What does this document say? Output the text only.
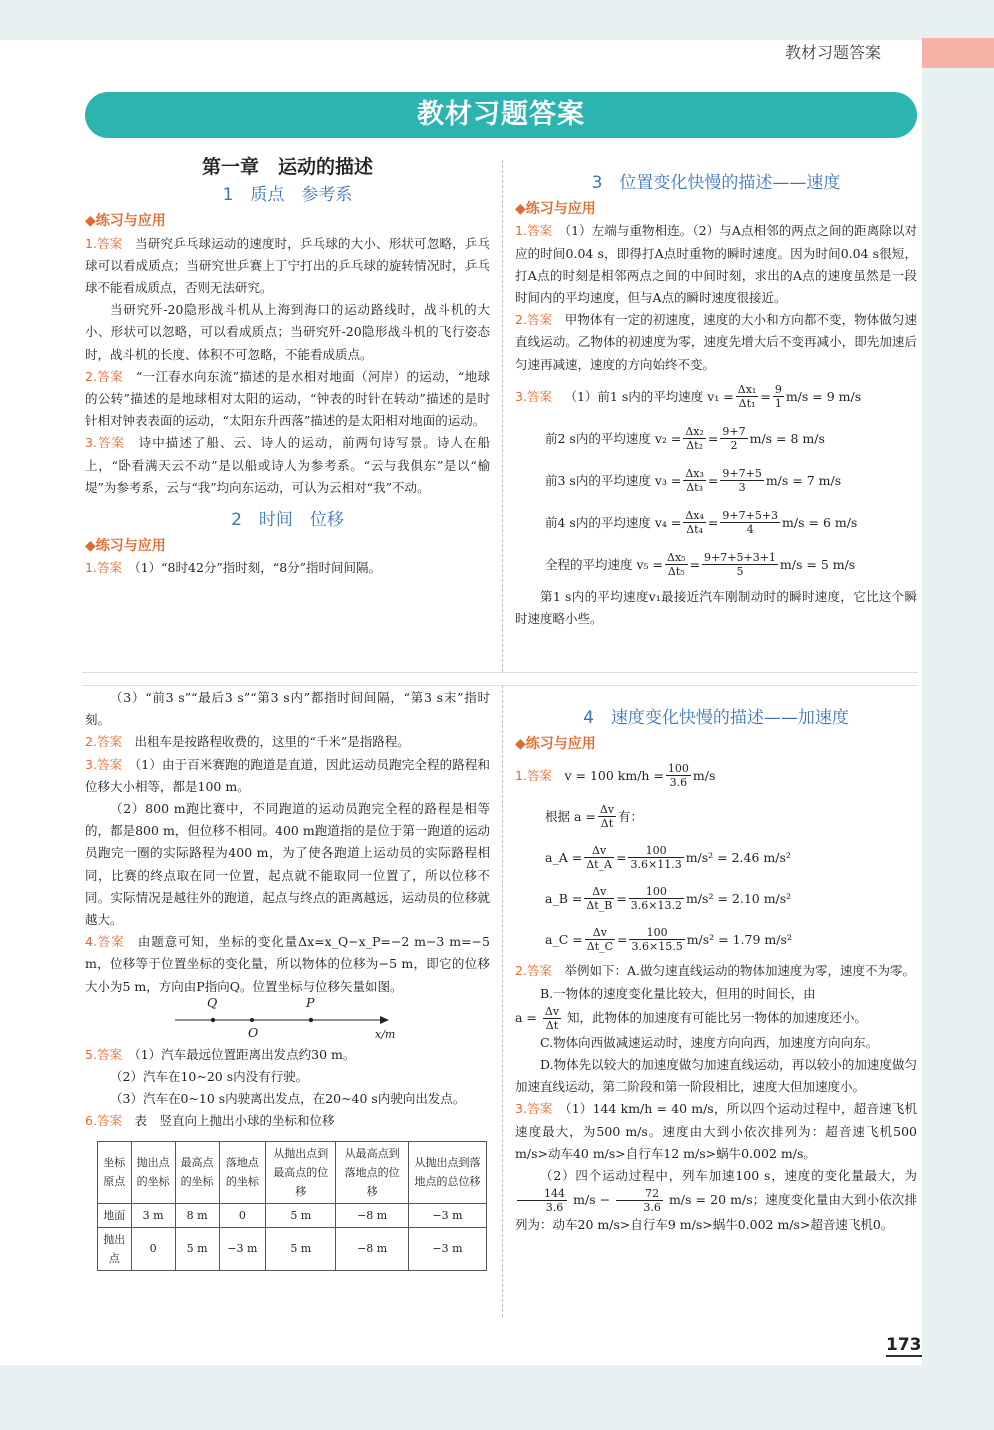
教材习题答案
教材习题答案
第一章　运动的描述
1　质点　参考系
◆练习与应用

1.答案　 当研究乒乓球运动的速度时，乒乓球的大小、形状可忽略，乒乓球可以看成质点；当研究世乒赛上丁宁打出的乒乓球的旋转情况时，乒乓球不能看成质点，否则无法研究。

当研究歼-20隐形战斗机从上海到海口的运动路线时，战斗机的大小、形状可以忽略，可以看成质点；当研究歼-20隐形战斗机的飞行姿态时，战斗机的长度、体积不可忽略，不能看成质点。

2.答案　 “一江春水向东流”描述的是水相对地面（河岸）的运动，“地球的公转”描述的是地球相对太阳的运动，“钟表的时针在转动”描述的是时针相对钟表表面的运动，“太阳东升西落”描述的是太阳相对地面的运动。

3.答案　 诗中描述了船、云、诗人的运动，前两句诗写景。诗人在船上，“卧看满天云不动”是以船或诗人为参考系。“云与我俱东”是以“榆堤”为参考系，云与“我”均向东运动，可认为云相对“我”不动。

2　时间　位移
◆练习与应用

1.答案　 （1）“8时42分”指时刻，“8分”指时间间隔。

3　位置变化快慢的描述——速度
◆练习与应用

1.答案　 （1）左端与重物相连。（2）与A点相邻的两点之间的距离除以对应的时间0.04 s，即得打A点时重物的瞬时速度。因为时间0.04 s很短，打A点的时刻是相邻两点之间的中间时刻，求出的A点的速度虽然是一段时间内的平均速度，但与A点的瞬时速度很接近。

2.答案　 甲物体有一定的初速度，速度的大小和方向都不变，物体做匀速直线运动。乙物体的初速度为零，速度先增大后不变再减小，即先加速后匀速再减速，速度的方向始终不变。

3. 答案
　 （1）前1 s内的平均速度 $v_1 = \frac{\text{Δx₁}}{\text{Δt₁}} = \frac{9}{1} m/s = 9$ m/s
前2 s内的平均速度 $v_2 = \frac{\text{Δx₂}}{\text{Δt₂}} = \frac{9+7}{2} m/s = 8$ m/s
前3 s内的平均速度 $v_3 = \frac{\text{Δx₃}}{\text{Δt₃}} = \frac{9+7+5}{3} m/s = 7$ m/s
前4 s内的平均速度 $v_4 = \frac{\text{Δx₄}}{\text{Δt₄}} = \frac{9+7+5+3}{4} m/s = 6$ m/s
全程的平均速度 $v_5 = \frac{\text{Δx₅}}{\text{Δt₅}} = \frac{9+7+5+3+1}{5} m/s = 5$ m/s

第1 s内的平均速度v₁最接近汽车刚制动时的瞬时速度，它比这个瞬时速度略小些。

（3）“前3 s”“最后3 s”“第3 s内”都指时间间隔，“第3 s末”指时刻。

2.答案　 出租车是按路程收费的，这里的“千米”是指路程。

3.答案　 （1）由于百米赛跑的跑道是直道，因此运动员跑完全程的路程和位移大小相等，都是100 m。

（2）800 m跑比赛中，不同跑道的运动员跑完全程的路程是相等的，都是800 m，但位移不相同。400 m跑道指的是位于第一跑道的运动员跑完一圈的实际路程为400 m，为了使各跑道上运动员的实际路程相同，比赛的终点取在同一位置，起点就不能取同一位置了，所以位移不同。实际情况是越往外的跑道，起点与终点的距离越远，运动员的位移就越大。

4.答案　 由题意可知，坐标的变化量Δx=x_Q−x_P=−2 m−3 m=−5 m，位移等于位置坐标的变化量，所以物体的位移为−5 m，即它的位移大小为5 m，方向由P指向Q。位置坐标与位移矢量如图。

Q
O
P
x/m

5.答案　 （1）汽车最远位置距离出发点约30 m。

（2）汽车在10~20 s内没有行驶。

（3）汽车在0~10 s内驶离出发点，在20~40 s内驶向出发点。

6.答案　 表　竖直向上抛出小球的坐标和位移

坐标原点	抛出点的坐标	最高点的坐标	落地点的坐标	从抛出点到最高点的位移	从最高点到落地点的位移	从抛出点到落地点的总位移
地面	3 m	8 m	0	5 m	−8 m	−3 m
抛出点	0	5 m	−3 m	5 m	−8 m	−3 m
4　速度变化快慢的描述——加速度
◆练习与应用
1. 答案
　 v = 100 $km/h = \frac{100}{3.6} m/s$
根据 $a = \frac{\Delta v}{\Delta t}$ 有：
a_A = $\frac{\Delta v}{\Delta t\_A} = \frac{100}{3.6\times 11.3} m/s^2 = 2.46$ m/s²
a_B = $\frac{\Delta v}{\Delta t\_B} = \frac{100}{3.6\times 13.2} m/s^2 = 2.10$ m/s²
a_C = $\frac{\Delta v}{\Delta t\_C} = \frac{100}{3.6\times 15.5} m/s^2 = 1.79$ m/s²

2.答案　 举例如下：A.做匀速直线运动的物体加速度为零，速度不为零。

B.一物体的速度变化量比较大，但用的时间长，由

$a = \frac{\Delta v}{\Delta t}$ 知，此物体的加速度有可能比另一物体的加速度还小。

C.物体向西做减速运动时，速度方向向西，加速度方向向东。

D.物体先以较大的加速度做匀加速直线运动，再以较小的加速度做匀加速直线运动，第二阶段和第一阶段相比，速度大但加速度小。

3.答案　 （1）144 km/h = 40 m/s，所以四个运动过程中，超音速飞机速度最大，为500 m/s。速度由大到小依次排列为：超音速飞机500 m/s>动车40 m/s>自行车12 m/s>蜗牛0.002 m/s。

（2）四个运动过程中，列车加速100 s，速度的变化量最大，为
$\frac{144}{3.6} m/s - \frac{72}{3.6} m/s = 20$ m/s；速度变化量由大到小依次排列为：动车20 m/s>自行车9 m/s>蜗牛0.002 m/s>超音速飞机0。

173
